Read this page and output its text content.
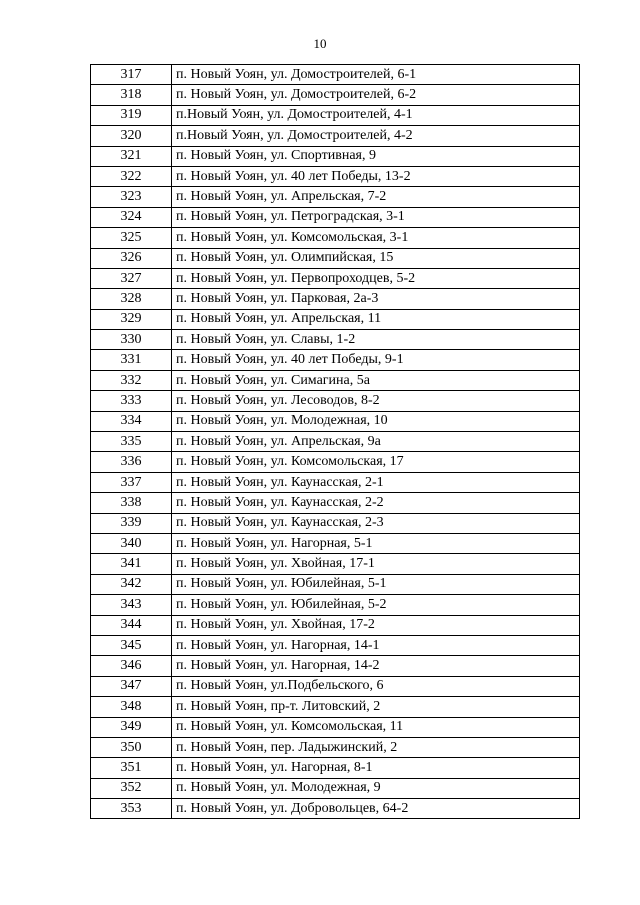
10
317	п. Новый Уоян, ул. Домостроителей, 6-1
318	п. Новый Уоян, ул. Домостроителей, 6-2
319	п.Новый Уоян, ул. Домостроителей, 4-1
320	п.Новый Уоян, ул. Домостроителей, 4-2
321	п. Новый Уоян, ул. Спортивная, 9
322	п. Новый Уоян, ул. 40 лет Победы, 13-2
323	п. Новый Уоян, ул. Апрельская, 7-2
324	п. Новый Уоян, ул. Петроградская, 3-1
325	п. Новый Уоян, ул. Комсомольская, 3-1
326	п. Новый Уоян, ул. Олимпийская, 15
327	п. Новый Уоян, ул. Первопроходцев, 5-2
328	п. Новый Уоян, ул. Парковая, 2а-3
329	п. Новый Уоян, ул. Апрельская, 11
330	п. Новый Уоян, ул. Славы, 1-2
331	п. Новый Уоян, ул. 40 лет Победы, 9-1
332	п. Новый Уоян, ул. Симагина, 5а
333	п. Новый Уоян, ул. Лесоводов, 8-2
334	п. Новый Уоян, ул. Молодежная, 10
335	п. Новый Уоян, ул. Апрельская, 9а
336	п. Новый Уоян, ул. Комсомольская, 17
337	п. Новый Уоян, ул. Каунасская, 2-1
338	п. Новый Уоян, ул. Каунасская, 2-2
339	п. Новый Уоян, ул. Каунасская, 2-3
340	п. Новый Уоян, ул. Нагорная, 5-1
341	п. Новый Уоян, ул. Хвойная, 17-1
342	п. Новый Уоян, ул. Юбилейная, 5-1
343	п. Новый Уоян, ул. Юбилейная, 5-2
344	п. Новый Уоян, ул. Хвойная, 17-2
345	п. Новый Уоян, ул. Нагорная, 14-1
346	п. Новый Уоян, ул. Нагорная, 14-2
347	п. Новый Уоян, ул.Подбельского, 6
348	п. Новый Уоян, пр-т. Литовский, 2
349	п. Новый Уоян, ул. Комсомольская, 11
350	п. Новый Уоян, пер. Ладыжинский, 2
351	п. Новый Уоян, ул. Нагорная, 8-1
352	п. Новый Уоян, ул. Молодежная, 9
353	п. Новый Уоян, ул. Добровольцев, 64-2
